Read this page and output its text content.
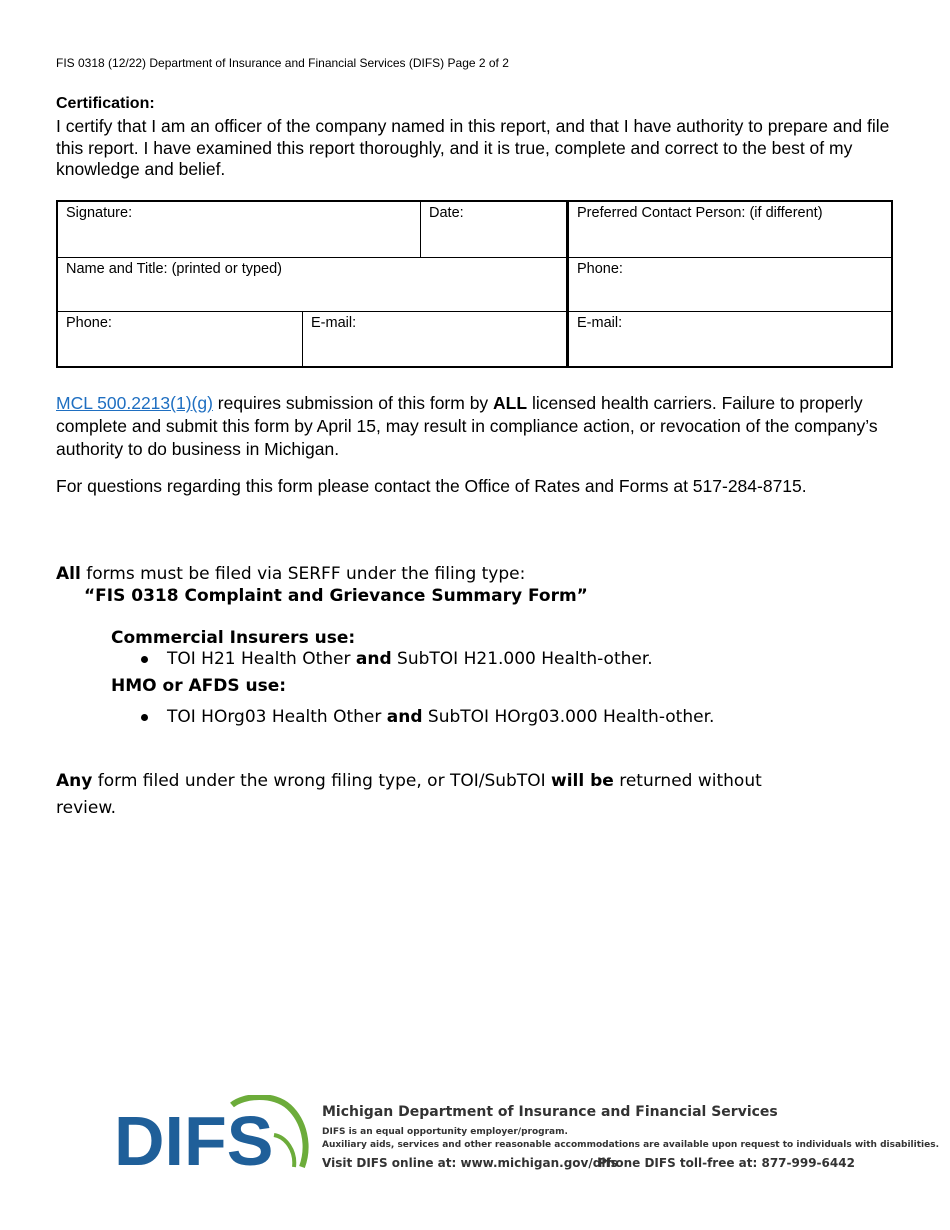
FIS 0318 (12/22) Department of Insurance and Financial Services (DIFS) Page 2 of 2
Certification:
I certify that I am an officer of the company named in this report, and that I have authority to prepare and file this report. I have examined this report thoroughly, and it is true, complete and correct to the best of my knowledge and belief.
Signature:	Date:	Preferred Contact Person: (if different)
Name and Title: (printed or typed)	Phone:
Phone:	E-mail:	E-mail:
MCL 500.2213(1)(g) requires submission of this form by ALL licensed health carriers. Failure to properly complete and submit this form by April 15, may result in compliance action, or revocation of the company’s authority to do business in Michigan.
For questions regarding this form please contact the Office of Rates and Forms at 517-284-8715.
All forms must be filed via SERFF under the filing type:
“FIS 0318 Complaint and Grievance Summary Form”
Commercial Insurers use:
TOI H21 Health Other and SubTOI H21.000 Health-other.
HMO or AFDS use:
TOI HOrg03 Health Other and SubTOI HOrg03.000 Health-other.
Any form filed under the wrong filing type, or TOI/SubTOI will be returned without
review.
DIFS	Michigan Department of Insurance and Financial Services
DIFS is an equal opportunity employer/program.
Auxiliary aids, services and other reasonable accommodations are available upon request to individuals with disabilities.
Visit DIFS online at: www.michigan.gov/difs
Phone DIFS toll-free at: 877-999-6442
